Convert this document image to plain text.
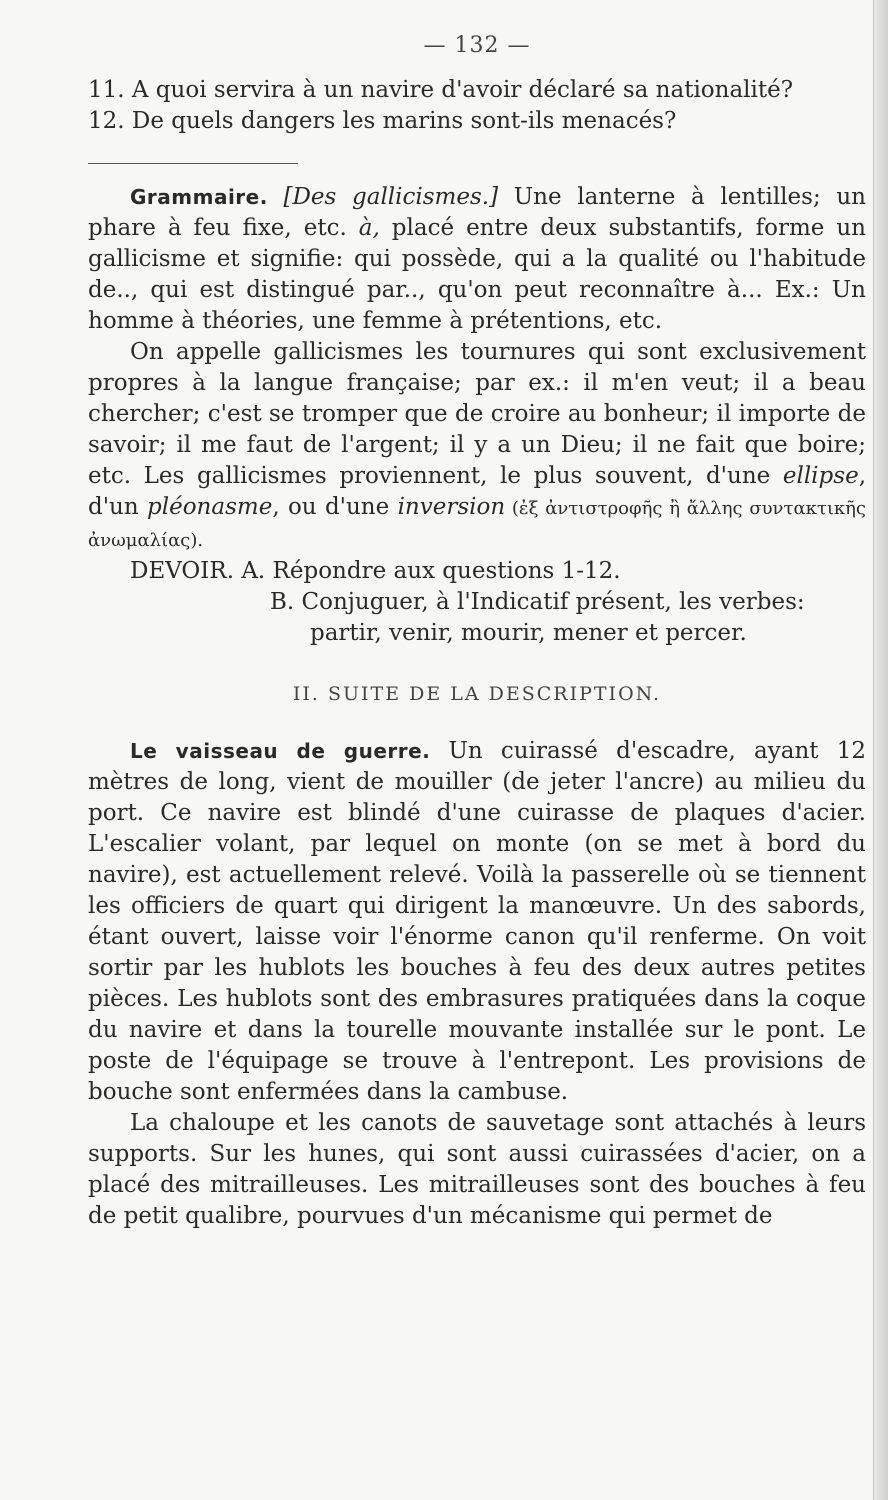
— 132 —

11. A quoi servira à un navire d'avoir déclaré sa nationalité?

12. De quels dangers les marins sont-ils menacés?

Grammaire. [Des gallicismes.] Une lanterne à lentilles; un phare à feu fixe, etc. à, placé entre deux substantifs, forme un gallicisme et signifie: qui possède, qui a la qualité ou l'habitude de.., qui est distingué par.., qu'on peut reconnaître à... Ex.: Un homme à théories, une femme à prétentions, etc.

On appelle gallicismes les tournures qui sont exclusivement propres à la langue française; par ex.: il m'en veut; il a beau chercher; c'est se tromper que de croire au bonheur; il importe de savoir; il me faut de l'argent; il y a un Dieu; il ne fait que boire; etc. Les gallicismes proviennent, le plus souvent, d'une ellipse, d'un pléonasme, ou d'une inversion (ἐξ ἀντιστροφῆς ἢ ἄλλης συντακτικῆς ἀνωμαλίας).

DEVOIR. A. Répondre aux questions 1-12.
B. Conjuguer, à l'Indicatif présent, les verbes:
partir, venir, mourir, mener et percer.
II. SUITE DE LA DESCRIPTION.

Le vaisseau de guerre. Un cuirassé d'escadre, ayant 12 mètres de long, vient de mouiller (de jeter l'ancre) au milieu du port. Ce navire est blindé d'une cuirasse de plaques d'acier. L'escalier volant, par lequel on monte (on se met à bord du navire), est actuellement relevé. Voilà la passerelle où se tiennent les officiers de quart qui dirigent la manœuvre. Un des sabords, étant ouvert, laisse voir l'énorme canon qu'il renferme. On voit sortir par les hublots les bouches à feu des deux autres petites pièces. Les hublots sont des embrasures pratiquées dans la coque du navire et dans la tourelle mouvante installée sur le pont. Le poste de l'équipage se trouve à l'entrepont. Les provisions de bouche sont enfermées dans la cambuse.

La chaloupe et les canots de sauvetage sont attachés à leurs supports. Sur les hunes, qui sont aussi cuirassées d'acier, on a placé des mitrailleuses. Les mitrailleuses sont des bouches à feu de petit qualibre, pourvues d'un mécanisme qui permet de
